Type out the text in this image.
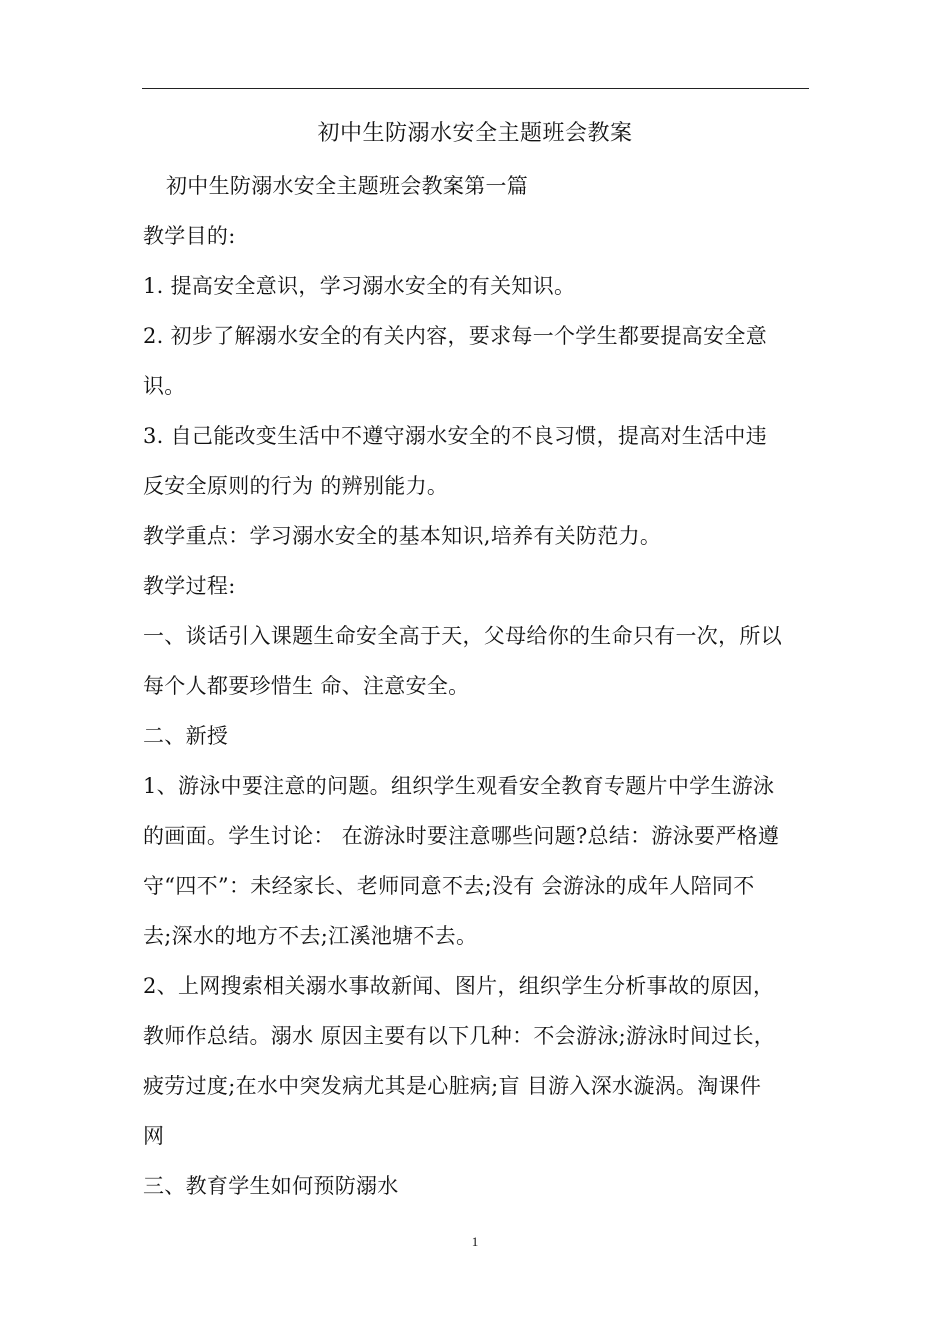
初中生防溺水安全主题班会教案
初中生防溺水安全主题班会教案第一篇
教学目的:
1. 提高安全意识，学习溺水安全的有关知识。
2. 初步了解溺水安全的有关内容，要求每一个学生都要提高安全意
识。
3. 自己能改变生活中不遵守溺水安全的不良习惯，提高对生活中违
反安全原则的行为 的辨别能力。
教学重点：学习溺水安全的基本知识,培养有关防范力。
教学过程:
一、谈话引入课题生命安全高于天，父母给你的生命只有一次，所以
每个人都要珍惜生 命、注意安全。
二、新授
1、游泳中要注意的问题。组织学生观看安全教育专题片中学生游泳
的画面。学生讨论： 在游泳时要注意哪些问题?总结：游泳要严格遵
守“四不”：未经家长、老师同意不去;没有 会游泳的成年人陪同不
去;深水的地方不去;江溪池塘不去。
2、上网搜索相关溺水事故新闻、图片，组织学生分析事故的原因，
教师作总结。溺水 原因主要有以下几种：不会游泳;游泳时间过长，
疲劳过度;在水中突发病尤其是心脏病;盲 目游入深水漩涡。淘课件
网
三、教育学生如何预防溺水
1
